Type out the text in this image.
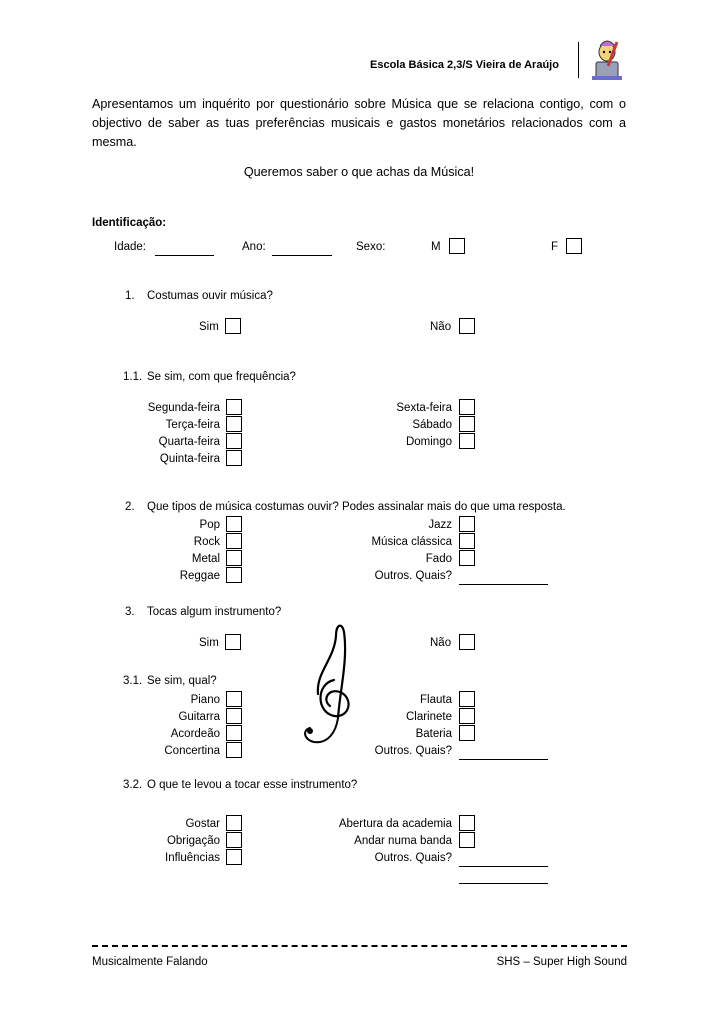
Escola Básica 2,3/S Vieira de Araújo
Apresentamos um inquérito por questionário sobre Música que se relaciona contigo, com o objectivo de saber as tuas preferências musicais e gastos monetários relacionados com a mesma.
Queremos saber o que achas da Música!
Identificação:
Idade:	Ano:	Sexo:	M	F
1. Costumas ouvir música?
Sim	Não
1.1. Se sim, com que frequência?
Segunda-feira
Terça-feira
Quarta-feira
Quinta-feira
Sexta-feira
Sábado
Domingo
2. Que tipos de música costumas ouvir? Podes assinalar mais do que uma resposta.
Pop
Rock
Metal
Reggae
Jazz
Música clássica
Fado
Outros. Quais?
3. Tocas algum instrumento?
Sim	Não
3.1. Se sim, qual?
Piano
Guitarra
Acordeão
Concertina
Flauta
Clarinete
Bateria
Outros. Quais?
3.2. O que te levou a tocar esse instrumento?
Gostar
Obrigação
Influências
Abertura da academia
Andar numa banda
Outros. Quais?
Musicalmente Falando	SHS – Super High Sound
